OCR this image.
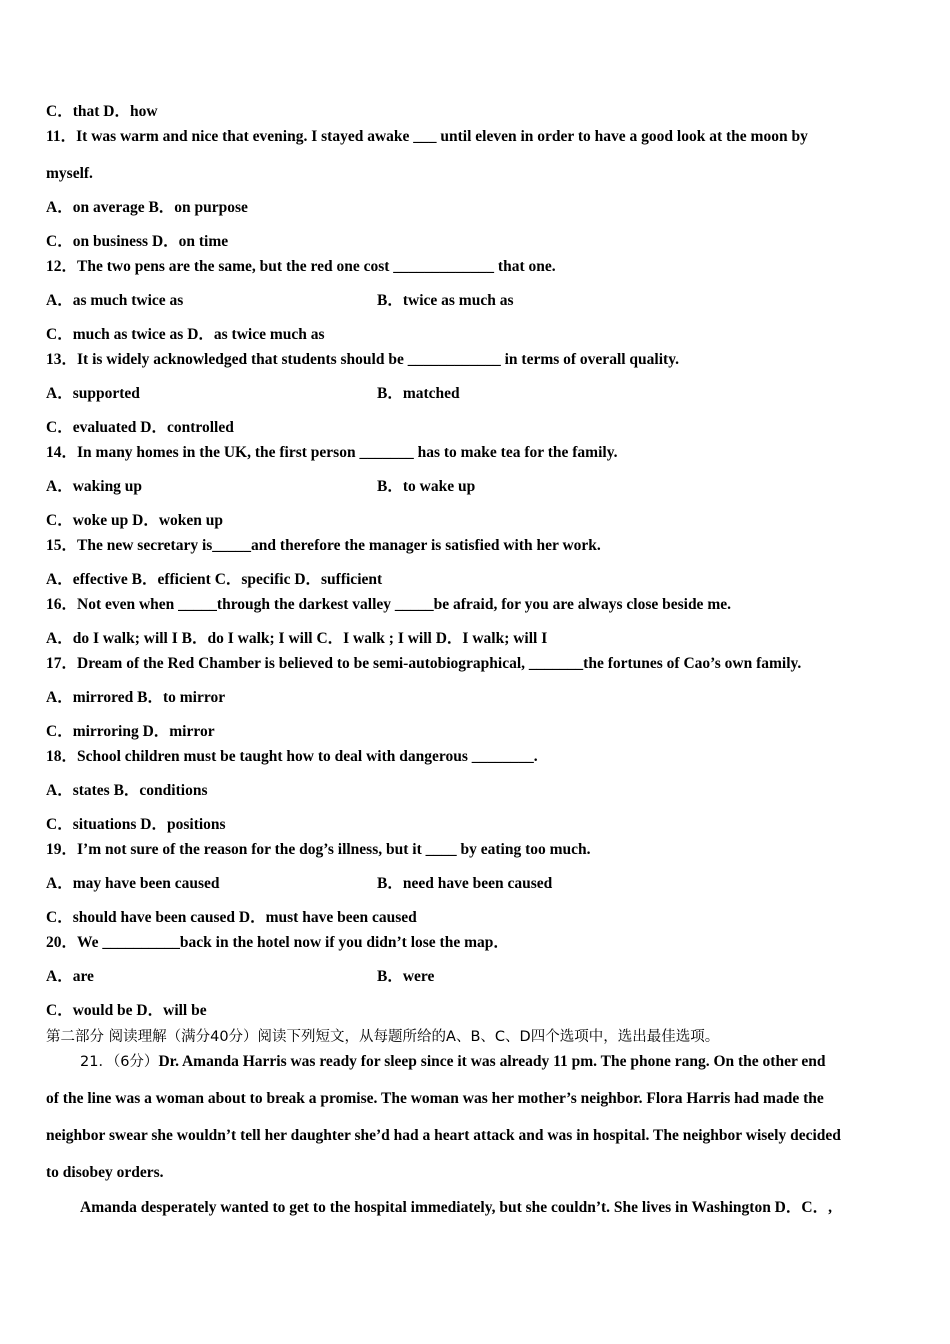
C．that D．how
11．It was warm and nice that evening. I stayed awake ___ until eleven in order to have a good look at the moon by
myself.
A．on average B．on purpose
C．on business D．on time
12．The two pens are the same, but the red one cost _____________ that one.
A．as much twice as	B．twice as much as
C．much as twice as D．as twice much as
13．It is widely acknowledged that students should be ____________ in terms of overall quality.
A．supported	B．matched
C．evaluated D．controlled
14．In many homes in the UK, the first person _______ has to make tea for the family.
A．waking up	B．to wake up
C．woke up D．woken up
15．The new secretary is_____and therefore the manager is satisfied with her work.
A．effective B．efficient C．specific D．sufficient
16．Not even when _____through the darkest valley _____be afraid, for you are always close beside me.
A．do I walk; will I B．do I walk; I will C．I walk ; I will D．I walk; will I
17．Dream of the Red Chamber is believed to be semi-autobiographical, _______the fortunes of Cao’s own family.
A．mirrored B．to mirror
C．mirroring D．mirror
18．School children must be taught how to deal with dangerous ________.
A．states B．conditions
C．situations D．positions
19．I’m not sure of the reason for the dog’s illness, but it ____ by eating too much.
A．may have been caused	B．need have been caused
C．should have been caused D．must have been caused
20．We __________back in the hotel now if you didn’t lose the map．
A．are	B．were
C．would be D．will be
第二部分 阅读理解（满分40分）阅读下列短文，从每题所给的A、B、C、D四个选项中，选出最佳选项。
21．（6分）Dr. Amanda Harris was ready for sleep since it was already 11 pm. The phone rang. On the other end
of the line was a woman about to break a promise. The woman was her mother’s neighbor. Flora Harris had made the
neighbor swear she wouldn’t tell her daughter she’d had a heart attack and was in hospital. The neighbor wisely decided
to disobey orders.
Amanda desperately wanted to get to the hospital immediately, but she couldn’t. She lives in Washington D．C．,
